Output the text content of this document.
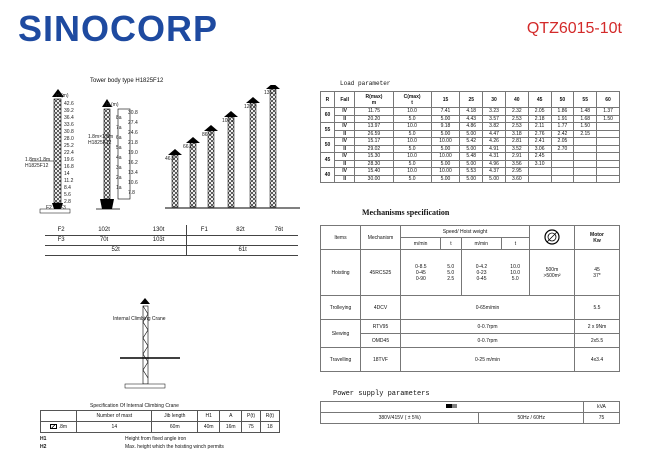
SINOCORP	QTZ6015-10t
Tower body type H1825F12
H (m)
42.6
39.2
36.4
33.6
30.8
28.0
25.2
22.4
19.6
16.8
14
11.2
8.4
5.6
2.8
H (m)
30.8
27.4
24.6
21.8
19.0
16.2
13.4
10.6
7.8
8a
7a
6a
5a
4a
3a
2a
1a
1.8m×1.8m
H1825F12
1.8m×1.8m
H1825F12
F2 F3
46.8
66.6
86.4
106.2
126.0
131.1
F2	102t	130t	F1	82t	76t
F3	70t	103t			
52t			61t		
Load parameter
R	Fall	R(max)
m	C(max)
t	15	25	30	40	45	50	55	60
60	IV	11.75	10.0	7.41	4.18	3.23	2.32	2.05	1.86	1.48	1.37
	II	20.20	5.0	5.00	4.43	3.57	2.53	2.18	1.91	1.68	1.50
55	IV	13.97	10.0	9.18	4.86	3.82	2.53	2.11	1.77	1.50	
	II	26.59	5.0	5.00	5.00	4.47	3.18	2.76	2.42	2.15	
50	IV	15.17	10.0	10.00	5.42	4.26	2.81	2.41	2.05		
	II	29.02	5.0	5.00	5.00	4.91	3.52	3.06	2.70		
45	IV	15.30	10.0	10.00	5.48	4.31	2.91	2.45			
	II	28.30	5.0	5.00	5.00	4.96	3.56	3.10			
40	IV	15.40	10.0	10.00	5.53	4.37	2.95				
	II	30.00	5.0	5.00	5.00	5.00	3.60				
Mechanisms specification
Items	Mechanism	Speed/ Hoist weight					Motor
Kw
		m/min	t	m/min	t		
Hoisting	45RCS25	0-8.5
0-45
0-90	5.0
5.0
2.5	0-4.2
0-23
0-45	10.0
10.0
5.0	500m
>500m²	45
37*
Trolleying	4DCV	0-65m/min					5.5
Slewing	RTV95	0-0.7rpm					2 x 9Nm
	OMD45	0-0.7rpm					2x5.5
Travelling	18TVF	0-25 m/min					4x3.4
Power supply parameters
	kVA
380V/415V ( ± 5%)	50Hz / 60Hz	75
Internal Climbing Crane
Specification Of Internal Climbing Crane
	Number of mast	Jib length	H1	A	P(t)	R(t)
.8m	14	60m	40m	16m	75	18
H1	Height from fixed angle iron
H2	Max. height which the hoisting winch permits
